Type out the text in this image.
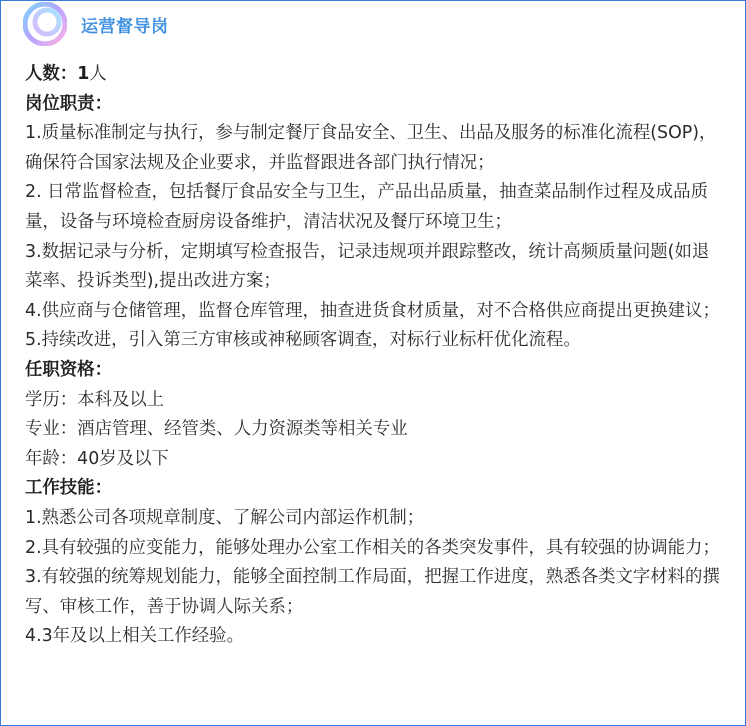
运营督导岗
人数：1人
岗位职责：
1.质量标准制定与执行，参与制定餐厅食品安全、卫生、出品及服务的标准化流程(SOP)，确保符合国家法规及企业要求，并监督跟进各部门执行情况；
2. 日常监督检查，包括餐厅食品安全与卫生，产品出品质量，抽查菜品制作过程及成品质量，设备与环境检查厨房设备维护，清洁状况及餐厅环境卫生；
3.数据记录与分析，定期填写检查报告，记录违规项并跟踪整改，统计高频质量问题(如退菜率、投诉类型),提出改进方案；
4.供应商与仓储管理，监督仓库管理，抽查进货食材质量，对不合格供应商提出更换建议；
5.持续改进，引入第三方审核或神秘顾客调查，对标行业标杆优化流程。
任职资格：
学历：本科及以上
专业：酒店管理、经管类、人力资源类等相关专业
年龄：40岁及以下
工作技能：
1.熟悉公司各项规章制度、了解公司内部运作机制；
2.具有较强的应变能力，能够处理办公室工作相关的各类突发事件，具有较强的协调能力；
3.有较强的统筹规划能力，能够全面控制工作局面，把握工作进度，熟悉各类文字材料的撰写、审核工作，善于协调人际关系；
4.3年及以上相关工作经验。
